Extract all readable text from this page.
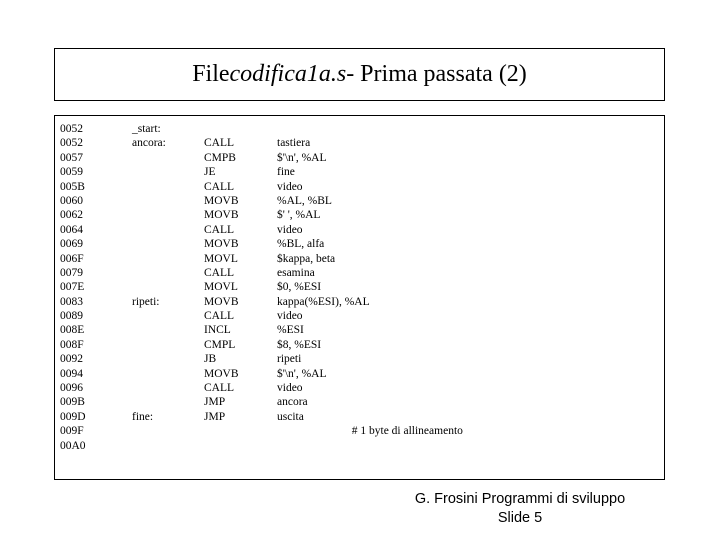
File codifica1a.s - Prima passata (2)
0052
0052
0057
0059
005B
0060
0062
0064
0069
006F
0079
007E
0083
0089
008E
008F
0092
0094
0096
009B
009D
009F
00A0
_start:
ancora:
ripeti:
fine:
CALL
CMPB
JE
CALL
MOVB
MOVB
CALL
MOVB
MOVL
CALL
MOVL
MOVB
CALL
INCL
CMPL
JB
MOVB
CALL
JMP
JMP
tastiera
$'\n', %AL
fine
video
%AL, %BL
$' ', %AL
video
%BL, alfa
$kappa, beta
esamina
$0, %ESI
kappa(%ESI), %AL
video
%ESI
$8, %ESI
ripeti
$'\n', %AL
video
ancora
uscita
# 1 byte di allineamento
G. Frosini Programmi di sviluppo
Slide 5
